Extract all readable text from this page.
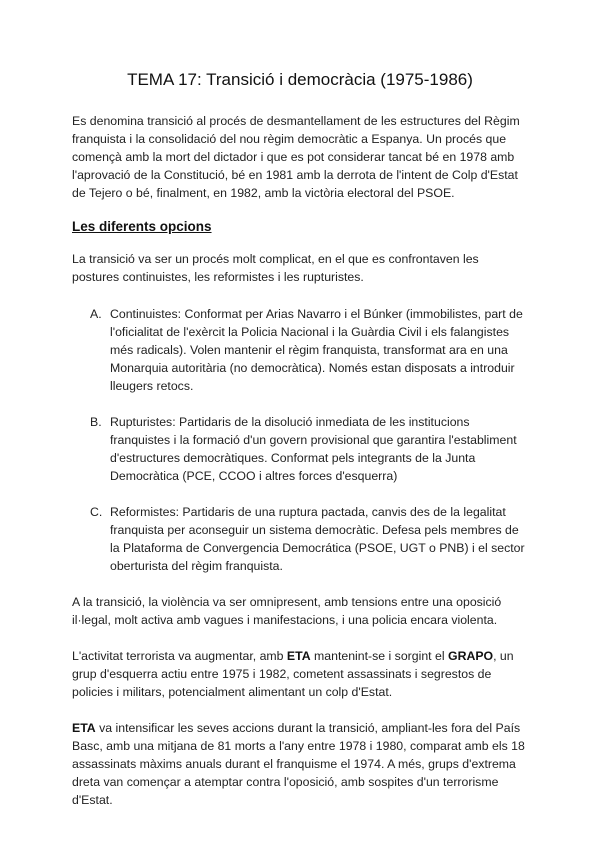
TEMA 17: Transició i democràcia (1975-1986)

Es denomina transició al procés de desmantellament de les estructures del Règim franquista i la consolidació del nou règim democràtic a Espanya. Un procés que començà amb la mort del dictador i que es pot considerar tancat bé en 1978 amb l'aprovació de la Constitució, bé en 1981 amb la derrota de l'intent de Colp d'Estat de Tejero o bé, finalment, en 1982, amb la victòria electoral del PSOE.

Les diferents opcions

La transició va ser un procés molt complicat, en el que es confrontaven les postures continuistes, les reformistes i les rupturistes.

A. Continuistes: Conformat per Arias Navarro i el Búnker (immobilistes, part de l'oficialitat de l'exèrcit la Policia Nacional i la Guàrdia Civil i els falangistes més radicals). Volen mantenir el règim franquista, transformat ara en una Monarquia autoritària (no democràtica). Només estan disposats a introduir lleugers retocs.
B. Rupturistes: Partidaris de la disolució inmediata de les institucions franquistes i la formació d'un govern provisional que garantira l'establiment d'estructures democràtiques. Conformat pels integrants de la Junta Democràtica (PCE, CCOO i altres forces d'esquerra)
C. Reformistes: Partidaris de una ruptura pactada, canvis des de la legalitat franquista per aconseguir un sistema democràtic. Defesa pels membres de la Plataforma de Convergencia Democrática (PSOE, UGT o PNB) i el sector oberturista del règim franquista.

A la transició, la violència va ser omnipresent, amb tensions entre una oposició il·legal, molt activa amb vagues i manifestacions, i una policia encara violenta.

L'activitat terrorista va augmentar, amb ETA mantenint-se i sorgint el GRAPO, un grup d'esquerra actiu entre 1975 i 1982, cometent assassinats i segrestos de policies i militars, potencialment alimentant un colp d'Estat.

ETA va intensificar les seves accions durant la transició, ampliant-les fora del País Basc, amb una mitjana de 81 morts a l'any entre 1978 i 1980, comparat amb els 18 assassinats màxims anuals durant el franquisme el 1974. A més, grups d'extrema dreta van començar a atemptar contra l'oposició, amb sospites d'un terrorisme d'Estat.
